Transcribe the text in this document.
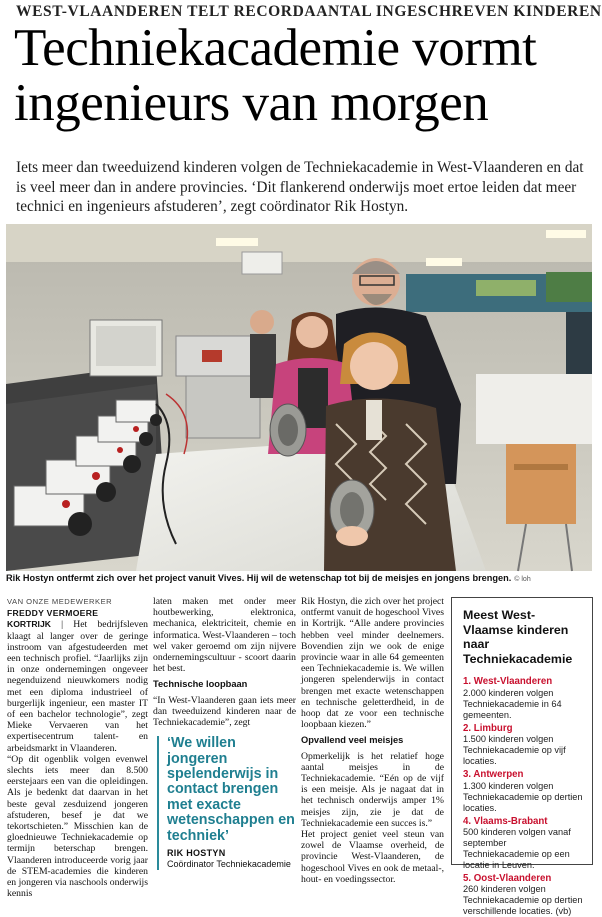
WEST-VLAANDEREN TELT RECORDAANTAL INGESCHREVEN KINDEREN
Techniekacademie vormt
ingenieurs van morgen

Iets meer dan tweeduizend kinderen volgen de Techniekacademie in West-Vlaanderen en dat is veel meer dan in andere provincies. ‘Dit flankerend onderwijs moet ertoe leiden dat meer technici en ingenieurs afstuderen’, zegt coördinator Rik Hostyn.

Rik Hostyn ontfermt zich over het project vanuit Vives. Hij wil de wetenschap tot bij de meisjes en jongens brengen. © loh
VAN ONZE MEDEWERKER
FREDDY VERMOERE

KORTRIJK | Het bedrijfsleven klaagt al langer over de geringe instroom van afgestudeerden met een technisch profiel. “Jaarlijks zijn in onze ondernemingen ongeveer negenduizend nieuwkomers nodig met een diploma industrieel of burgerlijk ingenieur, een master IT of een bachelor technologie”, zegt Mieke Vervaeren van het expertisecentrum talent- en arbeidsmarkt in Vlaanderen.

“Op dit ogenblik volgen evenwel slechts iets meer dan 8.500 eerstejaars een van die opleidingen. Als je bedenkt dat daarvan in het beste geval zesduizend jongeren afstuderen, besef je dat we tekortschieten.” Misschien kan de gloednieuwe Techniekacademie op termijn beterschap brengen. Vlaanderen introduceerde vorig jaar de STEM-academies die kinderen en jongeren via naschools onderwijs kennis

laten maken met onder meer houtbewerking, elektronica, mechanica, elektriciteit, chemie en informatica. West-Vlaanderen – toch wel vaker geroemd om zijn nijvere ondernemingscultuur - scoort daarin het best.

Technische loopbaan

“In West-Vlaanderen gaan iets meer dan tweeduizend kinderen naar de Techniekacademie”, zegt

‘We willen jongeren spelenderwijs in contact brengen met exacte wetenschappen en techniek’
RIK HOSTYN
Coördinator Techniekacademie

Rik Hostyn, die zich over het project ontfermt vanuit de hogeschool Vives in Kortrijk. “Alle andere provincies hebben veel minder deelnemers. Bovendien zijn we ook de enige provincie waar in alle 64 gemeenten een Techniekacademie is. We willen jongeren spelenderwijs in contact brengen met exacte wetenschappen en technische geletterdheid, in de hoop dat ze voor een technische loopbaan kiezen.”

Opvallend veel meisjes

Opmerkelijk is het relatief hoge aantal meisjes in de Techniekacademie. “Eén op de vijf is een meisje. Als je nagaat dat in het technisch onderwijs amper 1% meisjes zijn, zie je dat de Techniekacademie een succes is.”

Het project geniet veel steun van zowel de Vlaamse overheid, de provincie West-Vlaanderen, de hogeschool Vives en ook de metaal-, hout- en voedingssector.

Meest West-Vlaamse kinderen naar Techniekacademie
1. West-Vlaanderen
2.000 kinderen volgen Techniekacademie in 64 gemeenten.
2. Limburg
1.500 kinderen volgen Techniekacademie op vijf locaties.
3. Antwerpen
1.300 kinderen volgen Techniekacademie op dertien locaties.
4. Vlaams-Brabant
500 kinderen volgen vanaf september Techniekacademie op een locatie in Leuven.
5. Oost-Vlaanderen
260 kinderen volgen Techniekacademie op dertien verschillende locaties. (vb)
